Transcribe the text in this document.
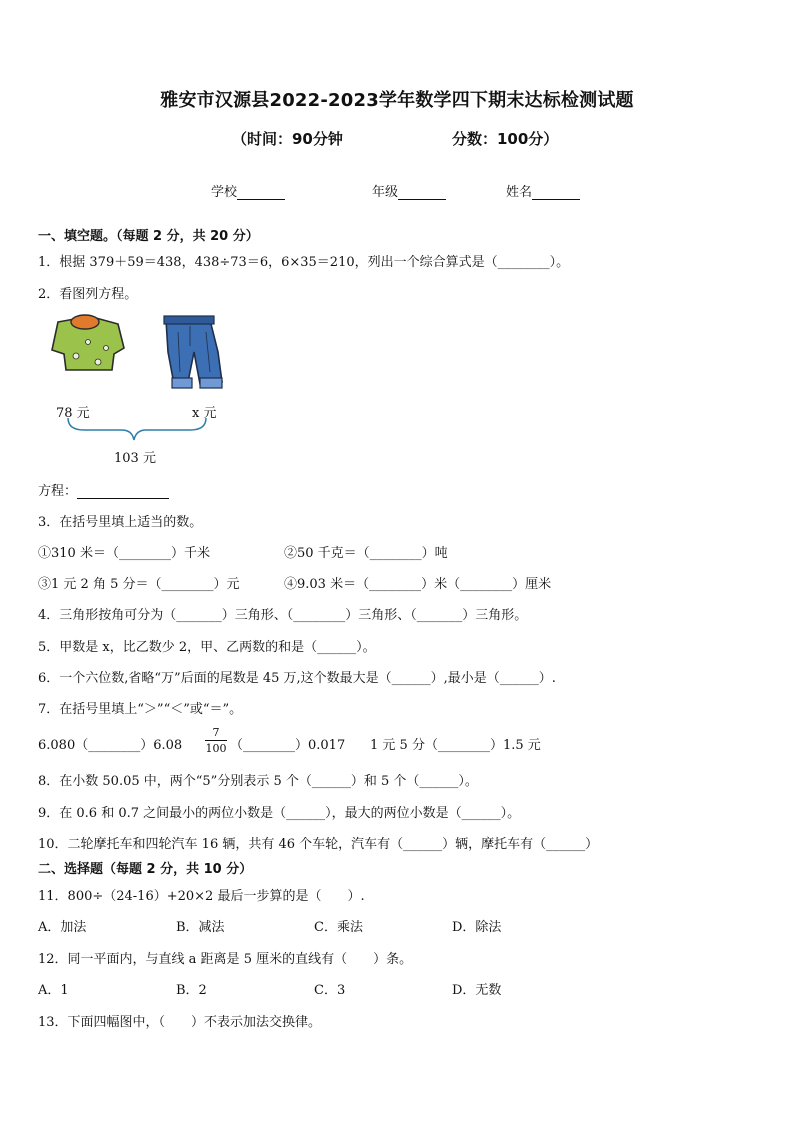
雅安市汉源县2022-2023学年数学四下期末达标检测试题
（时间：90分钟	分数：100分）
学校	年级	姓名
一、填空题。（每题 2 分，共 20 分）
1．根据 379＋59＝438，438÷73＝6，6×35＝210，列出一个综合算式是（________）。
2．看图列方程。
78 元	x 元
103 元
方程：
3．在括号里填上适当的数。
①310 米＝（________）千米	②50 千克＝（________）吨
③1 元 2 角 5 分＝（________）元	④9.03 米＝（________）米（________）厘米
4．三角形按角可分为（_______）三角形、（________）三角形、（_______）三角形。
5．甲数是 x，比乙数少 2，甲、乙两数的和是（______）。
6．一个六位数,省略“万”后面的尾数是 45 万,这个数最大是（______）,最小是（______）.
7．在括号里填上“＞”“＜”或“＝”。
6.080（________）6.08
7
100 （________）0.017 1 元 5 分（________）1.5 元
8．在小数 50.05 中，两个“5”分别表示 5 个（______）和 5 个（______）。
9．在 0.6 和 0.7 之间最小的两位小数是（______），最大的两位小数是（______）。
10．二轮摩托车和四轮汽车 16 辆，共有 46 个车轮，汽车有（______）辆，摩托车有（______）
二、选择题（每题 2 分，共 10 分）
11．800÷（24-16）+20×2 最后一步算的是（　　）.
A．加法	B．减法	C．乘法	D．除法
12．同一平面内，与直线 a 距离是 5 厘米的直线有（　　）条。
A．1	B．2	C．3	D．无数
13．下面四幅图中，（　　）不表示加法交换律。
